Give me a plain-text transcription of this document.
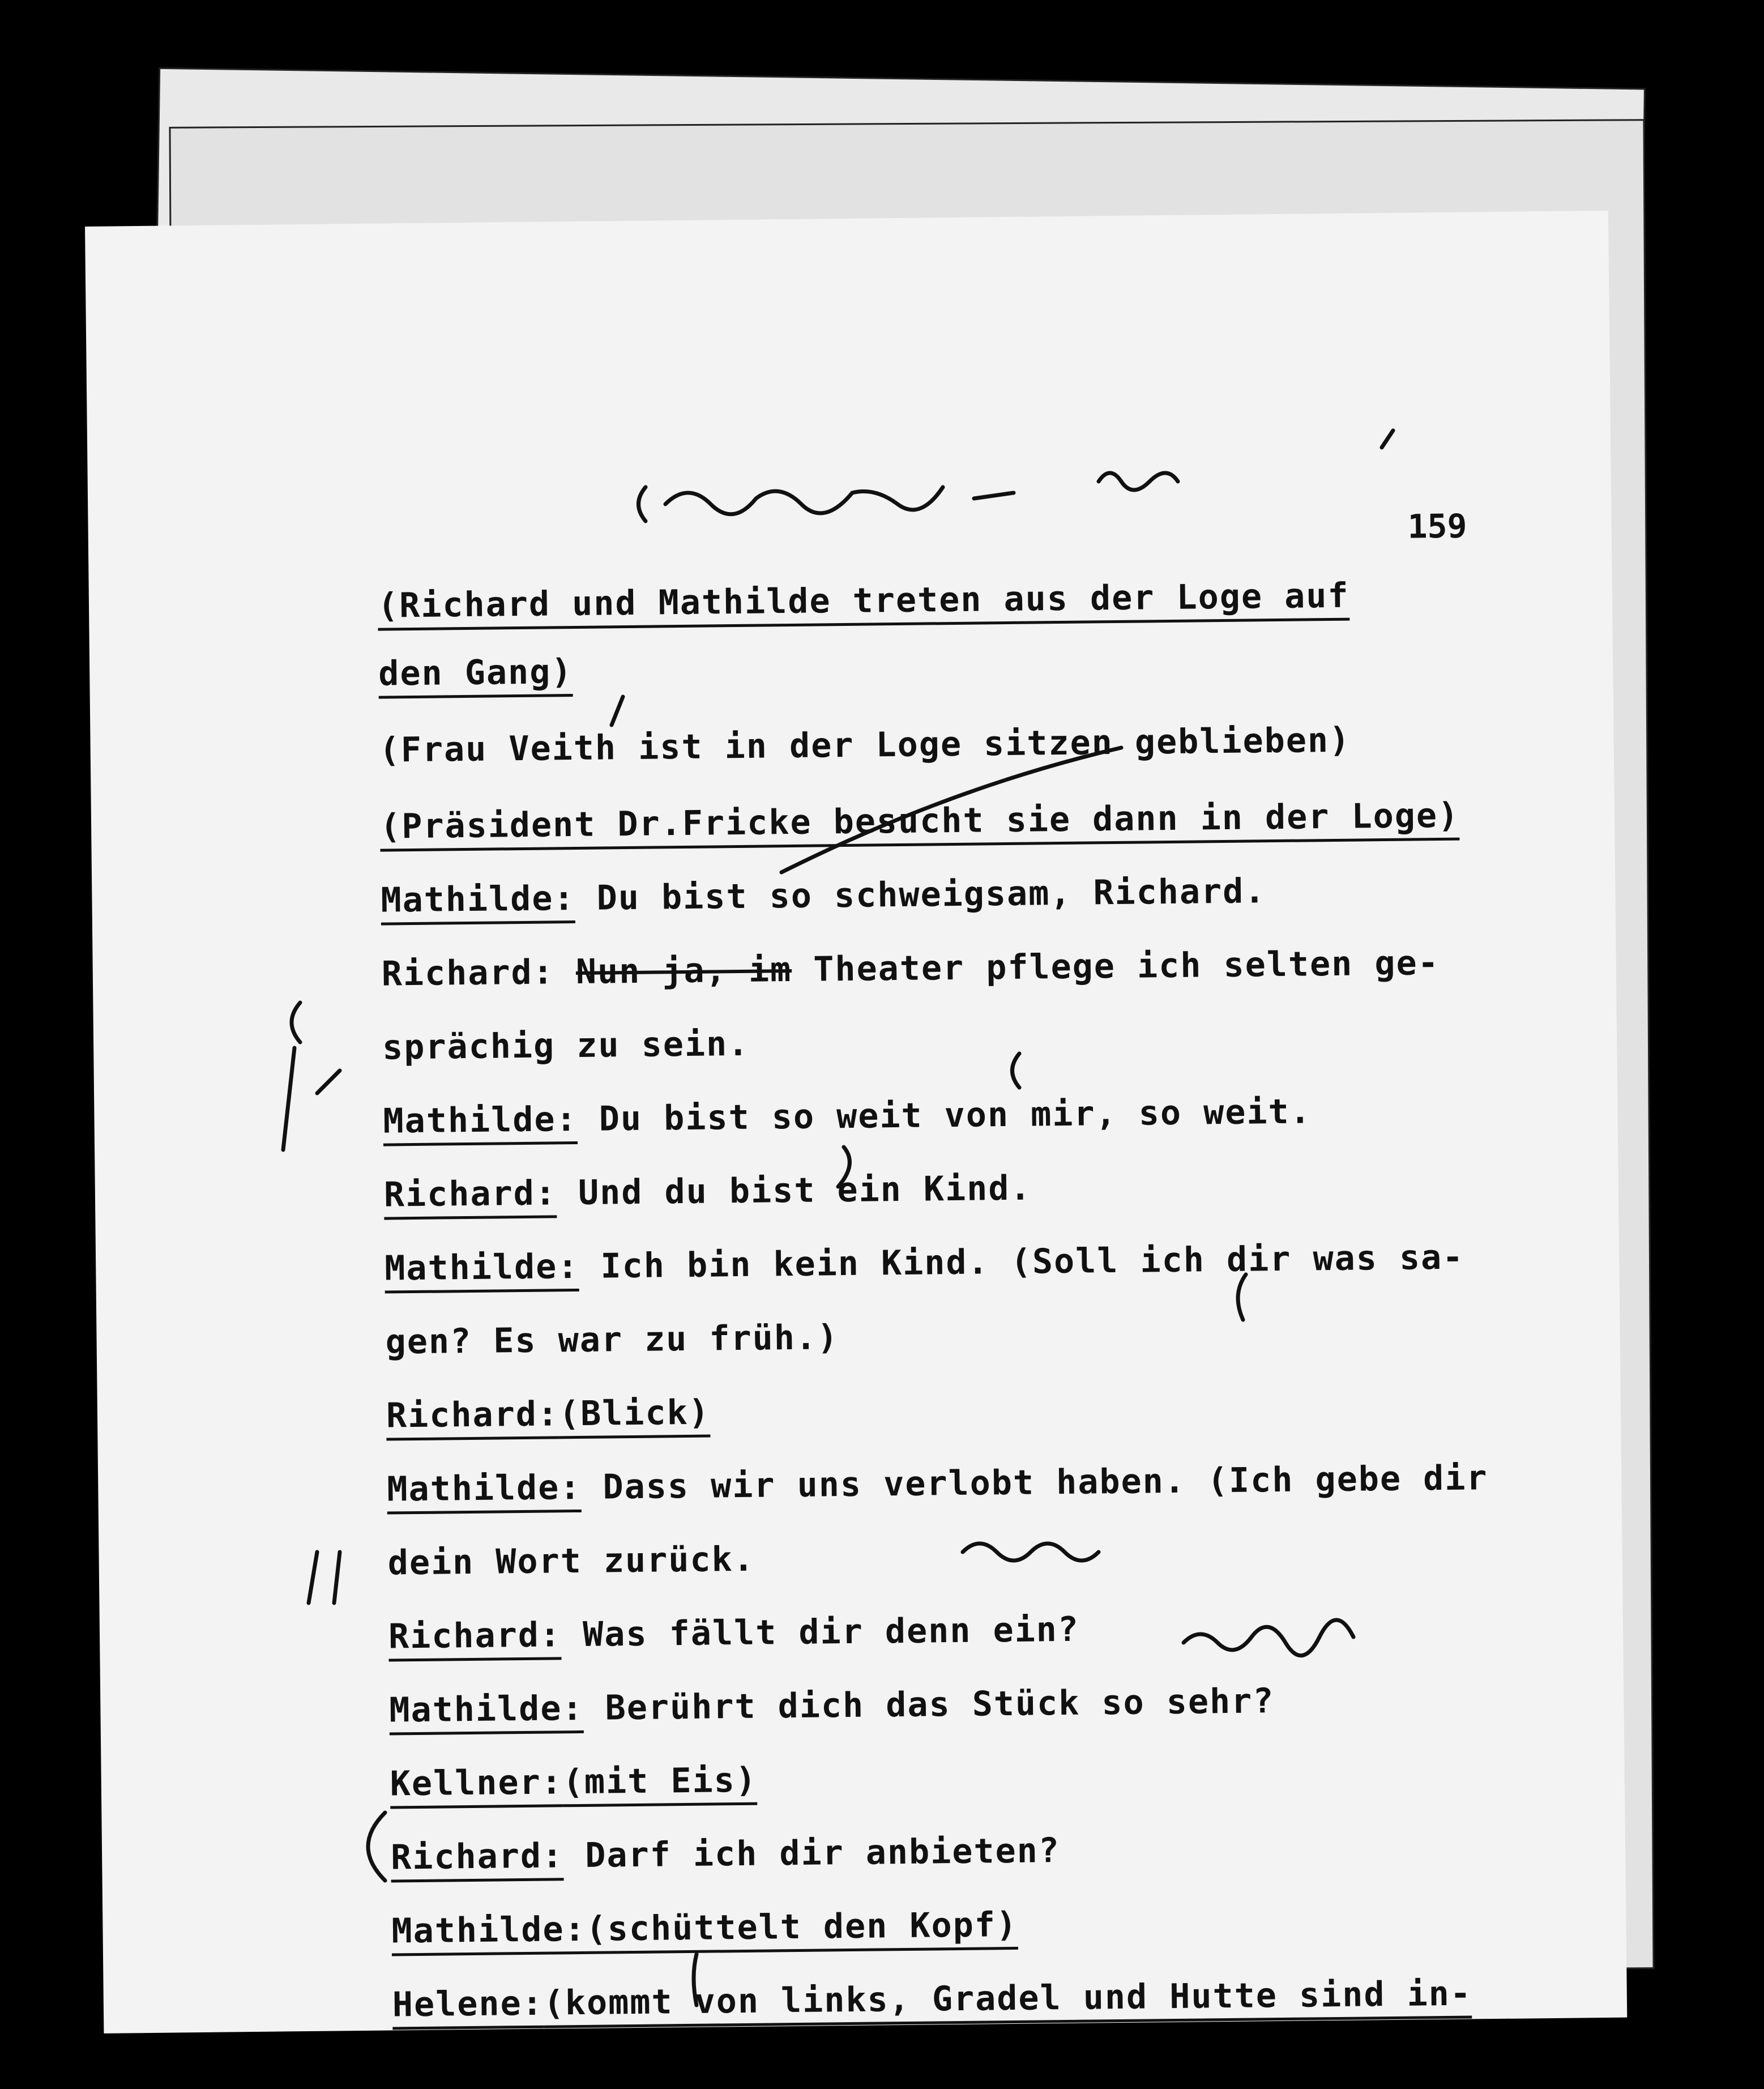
159
(Richard und Mathilde treten aus der Loge auf
den Gang)
(Frau Veith ist in der Loge sitzen geblieben)
(Präsident Dr.Fricke besucht sie dann in der Loge)
Mathilde: Du bist so schweigsam, Richard.
Richard: Nun ja, im Theater pflege ich selten ge-
sprächig zu sein.
Mathilde: Du bist so weit von mir, so weit.
Richard: Und du bist ein Kind.
Mathilde: Ich bin kein Kind. (Soll ich dir was sa-
gen? Es war zu früh.)
Richard:(Blick)
Mathilde: Dass wir uns verlobt haben. (Ich gebe dir
dein Wort zurück.
Richard: Was fällt dir denn ein?
Mathilde: Berührt dich das Stück so sehr?
Kellner:(mit Eis)
Richard: Darf ich dir anbieten?
Mathilde:(schüttelt den Kopf)
Helene:(kommt von links, Gradel und Hutte sind in-
